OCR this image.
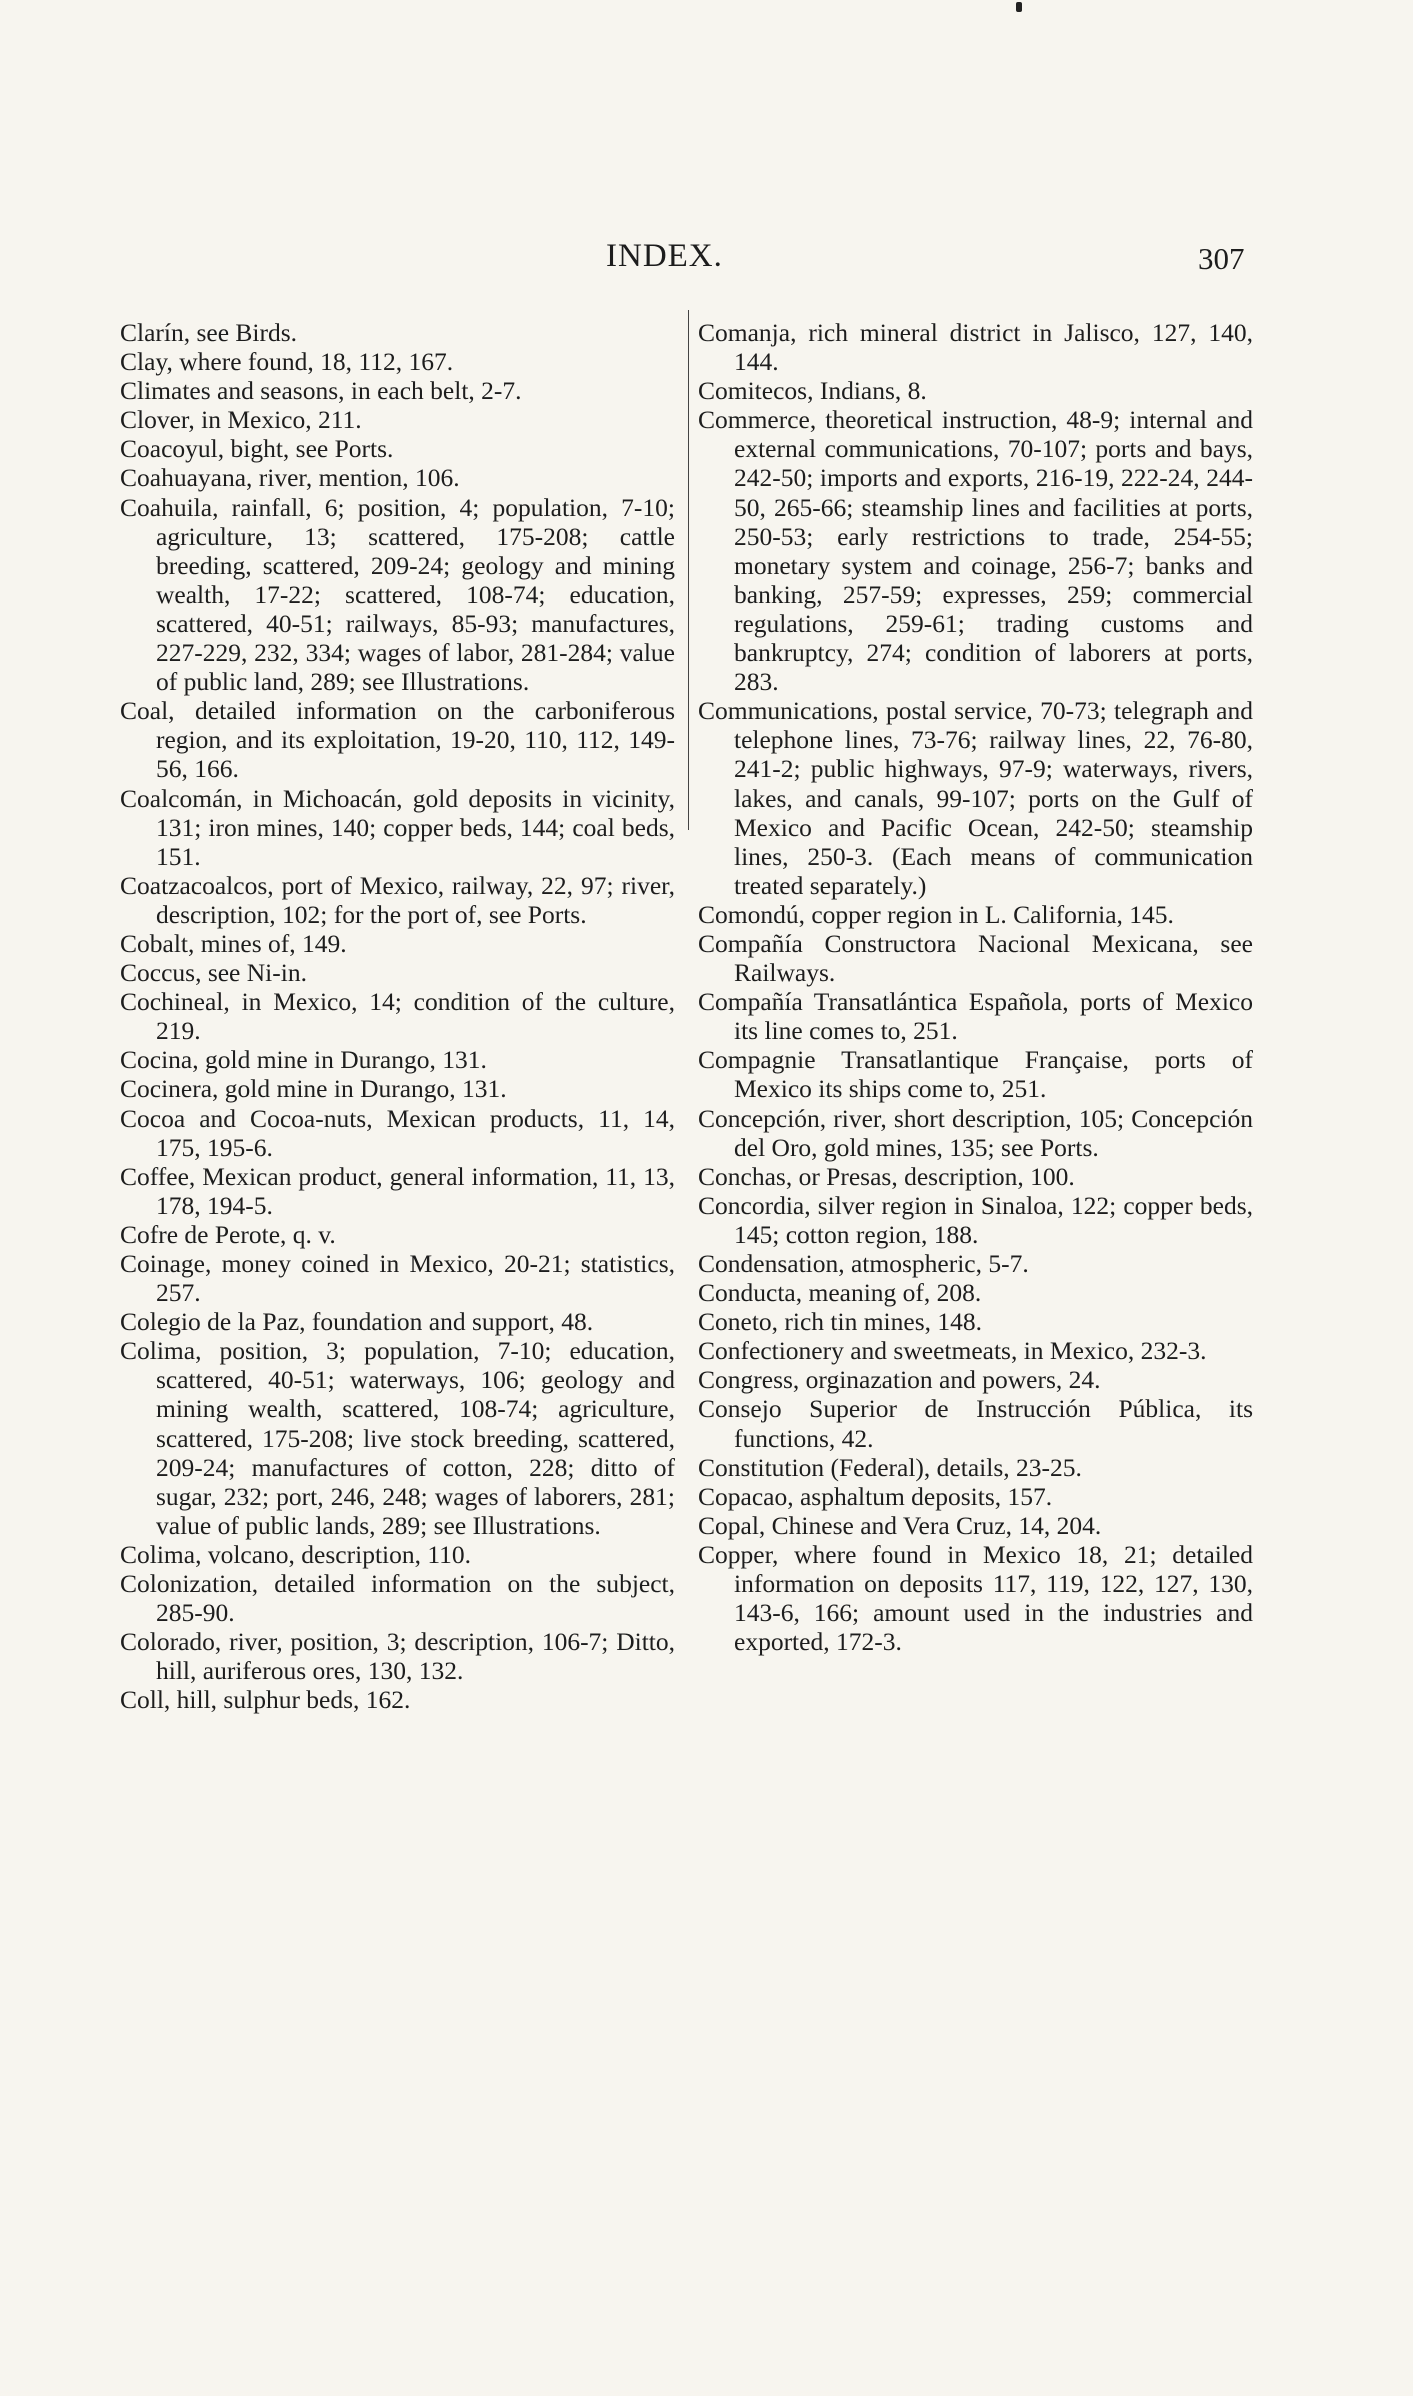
INDEX.	307

Clarín, see Birds.

Clay, where found, 18, 112, 167.

Climates and seasons, in each belt, 2-7.

Clover, in Mexico, 211.

Coacoyul, bight, see Ports.

Coahuayana, river, mention, 106.

Coahuila, rainfall, 6; position, 4; population, 7-10; agriculture, 13; scattered, 175-208; cattle breeding, scattered, 209-24; geology and mining wealth, 17-22; scattered, 108-74; education, scattered, 40-51; railways, 85-93; manufactures, 227-229, 232, 334; wages of labor, 281-284; value of public land, 289; see Illustrations.

Coal, detailed information on the carboniferous region, and its exploitation, 19-20, 110, 112, 149-56, 166.

Coalcomán, in Michoacán, gold deposits in vicinity, 131; iron mines, 140; copper beds, 144; coal beds, 151.

Coatzacoalcos, port of Mexico, railway, 22, 97; river, description, 102; for the port of, see Ports.

Cobalt, mines of, 149.

Coccus, see Ni-in.

Cochineal, in Mexico, 14; condition of the culture, 219.

Cocina, gold mine in Durango, 131.

Cocinera, gold mine in Durango, 131.

Cocoa and Cocoa-nuts, Mexican products, 11, 14, 175, 195-6.

Coffee, Mexican product, general information, 11, 13, 178, 194-5.

Cofre de Perote, q. v.

Coinage, money coined in Mexico, 20-21; statistics, 257.

Colegio de la Paz, foundation and support, 48.

Colima, position, 3; population, 7-10; education, scattered, 40-51; waterways, 106; geology and mining wealth, scattered, 108-74; agriculture, scattered, 175-208; live stock breeding, scattered, 209-24; manufactures of cotton, 228; ditto of sugar, 232; port, 246, 248; wages of laborers, 281; value of public lands, 289; see Illustrations.

Colima, volcano, description, 110.

Colonization, detailed information on the subject, 285-90.

Colorado, river, position, 3; description, 106-7; Ditto, hill, auriferous ores, 130, 132.

Coll, hill, sulphur beds, 162.

Comanja, rich mineral district in Jalisco, 127, 140, 144.

Comitecos, Indians, 8.

Commerce, theoretical instruction, 48-9; internal and external communications, 70-107; ports and bays, 242-50; imports and exports, 216-19, 222-24, 244-50, 265-66; steamship lines and facilities at ports, 250-53; early restrictions to trade, 254-55; monetary system and coinage, 256-7; banks and banking, 257-59; expresses, 259; commercial regulations, 259-61; trading customs and bankruptcy, 274; condition of laborers at ports, 283.

Communications, postal service, 70-73; telegraph and telephone lines, 73-76; railway lines, 22, 76-80, 241-2; public highways, 97-9; waterways, rivers, lakes, and canals, 99-107; ports on the Gulf of Mexico and Pacific Ocean, 242-50; steamship lines, 250-3. (Each means of communication treated separately.)

Comondú, copper region in L. California, 145.

Compañía Constructora Nacional Mexicana, see Railways.

Compañía Transatlántica Española, ports of Mexico its line comes to, 251.

Compagnie Transatlantique Française, ports of Mexico its ships come to, 251.

Concepción, river, short description, 105; Concepción del Oro, gold mines, 135; see Ports.

Conchas, or Presas, description, 100.

Concordia, silver region in Sinaloa, 122; copper beds, 145; cotton region, 188.

Condensation, atmospheric, 5-7.

Conducta, meaning of, 208.

Coneto, rich tin mines, 148.

Confectionery and sweetmeats, in Mexico, 232-3.

Congress, orginazation and powers, 24.

Consejo Superior de Instrucción Pública, its functions, 42.

Constitution (Federal), details, 23-25.

Copacao, asphaltum deposits, 157.

Copal, Chinese and Vera Cruz, 14, 204.

Copper, where found in Mexico 18, 21; detailed information on deposits 117, 119, 122, 127, 130, 143-6, 166; amount used in the industries and exported, 172-3.
